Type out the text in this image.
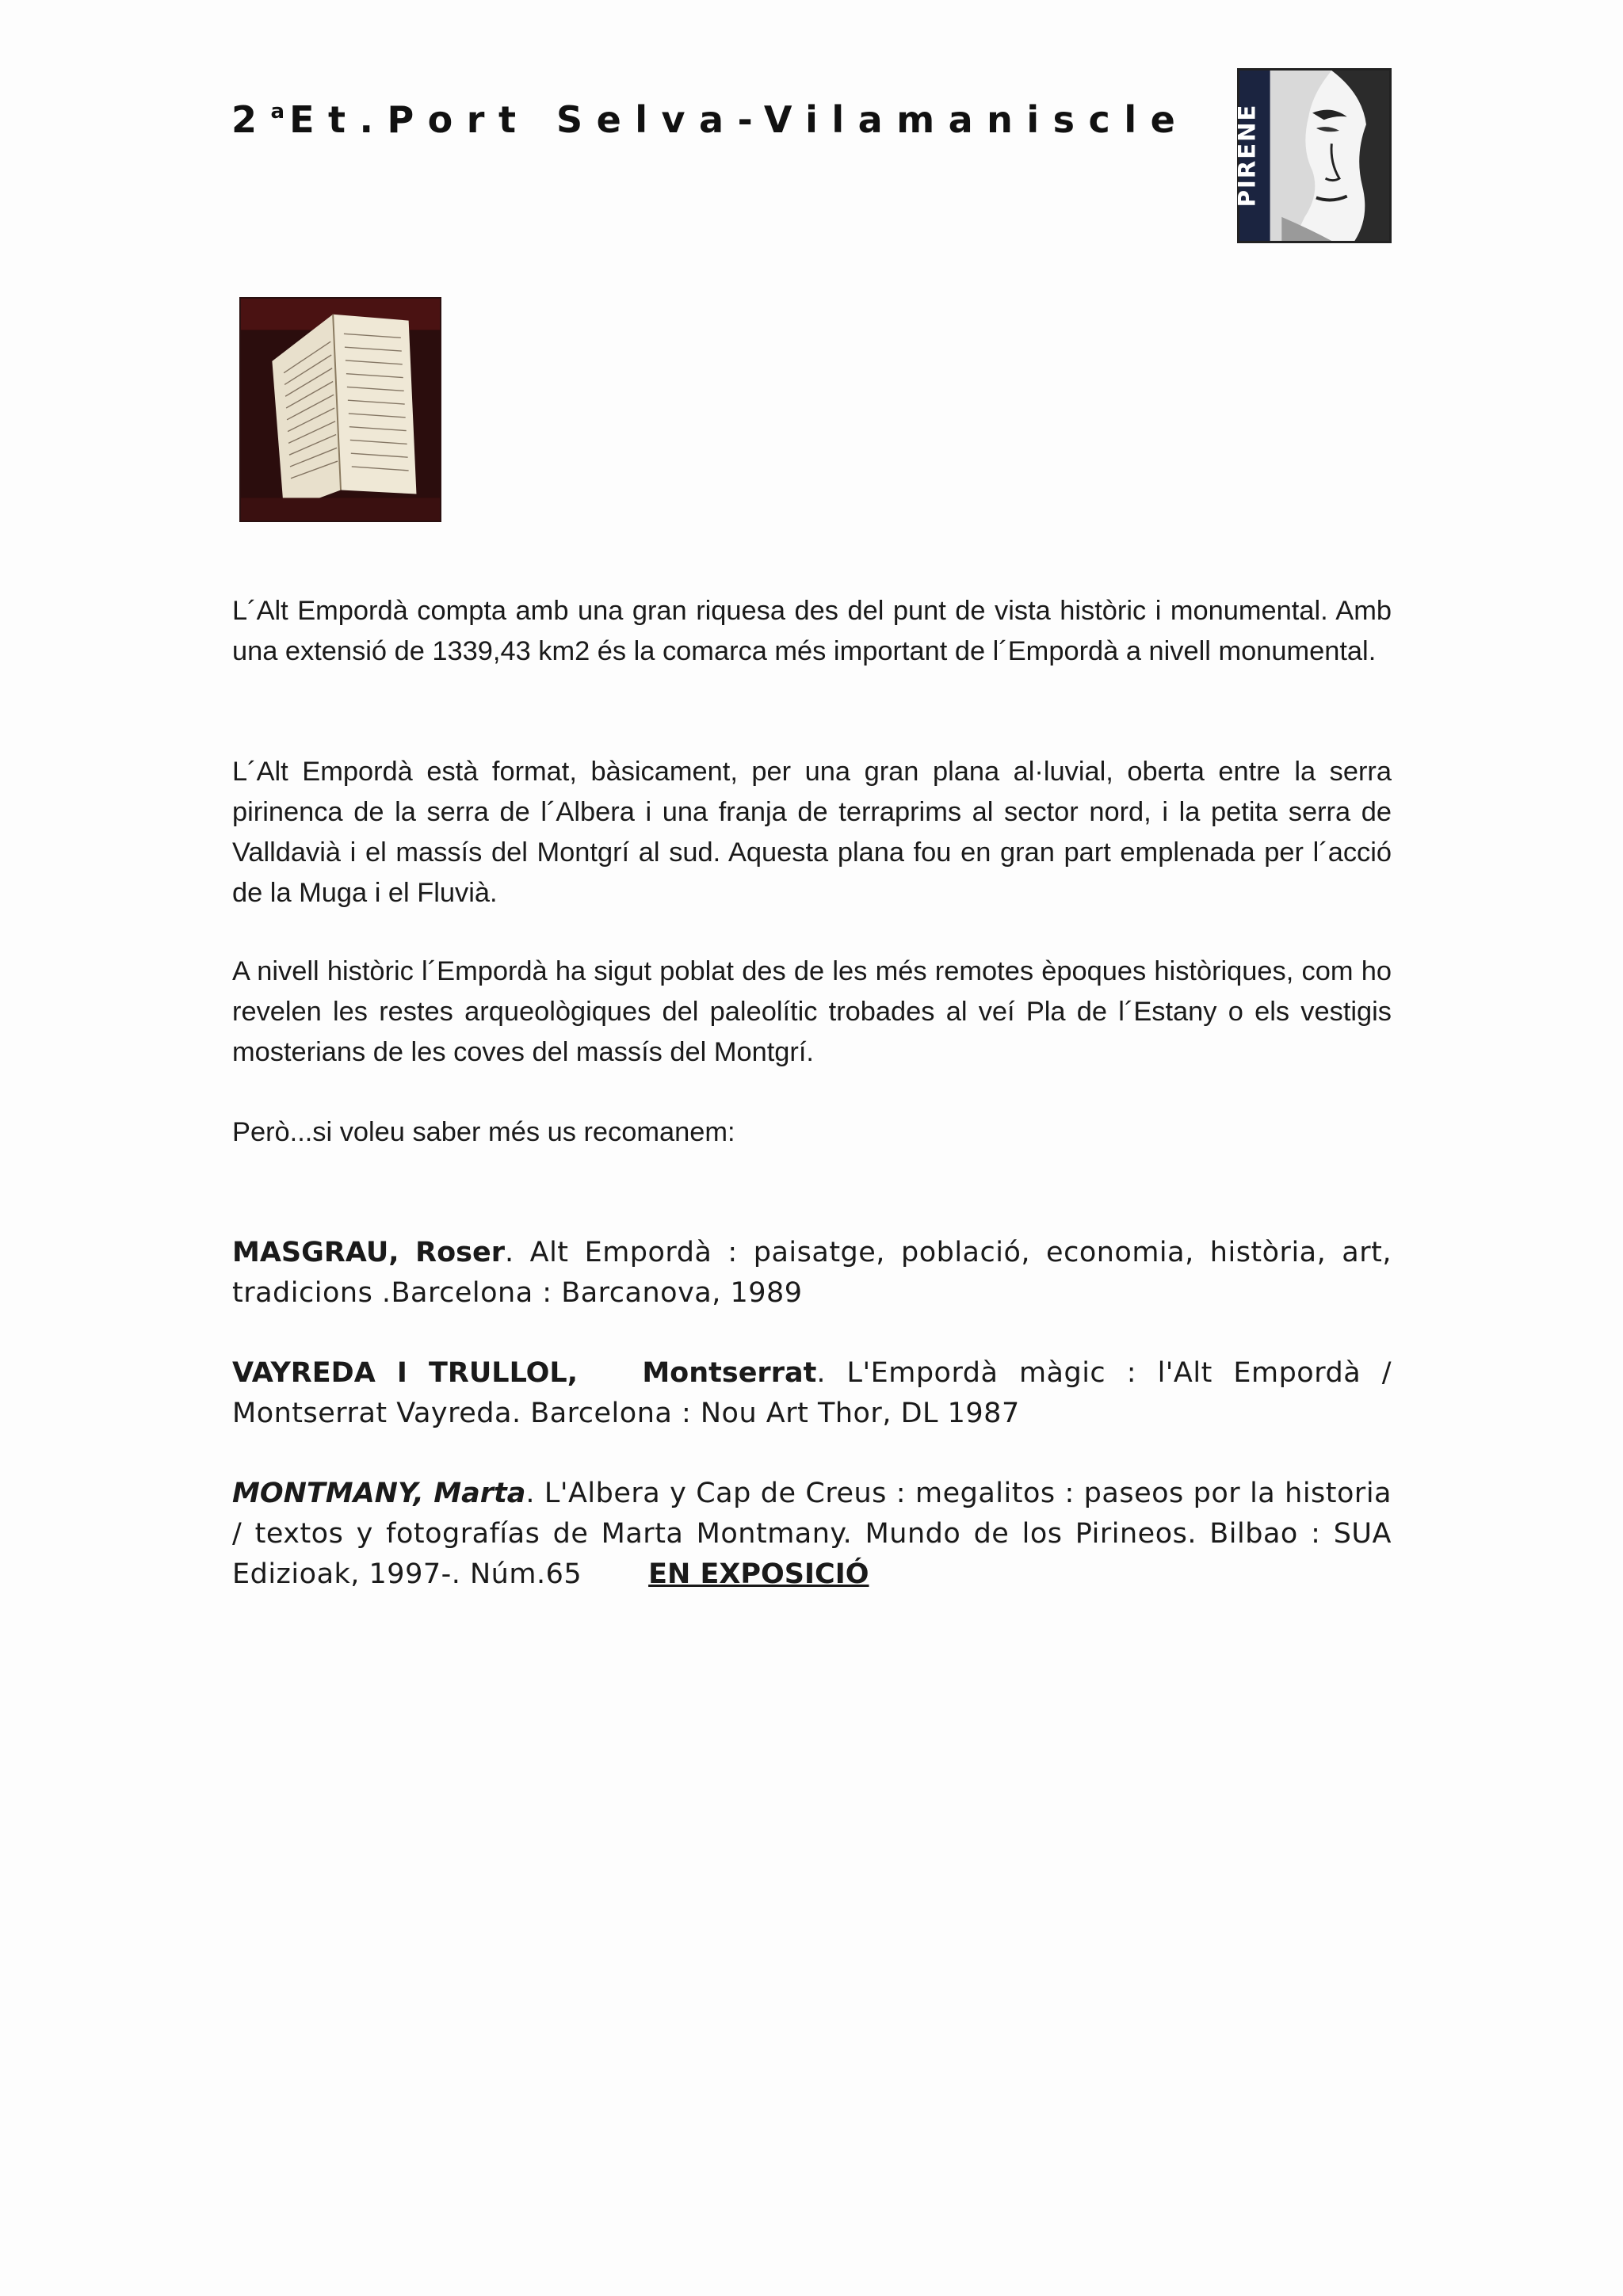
2$^a$ Et.Port Selva-Vilamaniscle PIRENE

L´Alt Empordà compta amb una gran riquesa des del punt de vista històric i monumental. Amb una extensió de 1339,43 km2 és la comarca més important de l´Empordà a nivell monumental.

L´Alt Empordà està format, bàsicament, per una gran plana al·luvial, oberta entre la serra pirinenca de la serra de l´Albera i una franja de terraprims al sector nord, i la petita serra de Valldavià i el massís del Montgrí al sud. Aquesta plana fou en gran part emplenada per l´acció de la Muga i el Fluvià.

A nivell històric l´Empordà ha sigut poblat des de les més remotes èpoques històriques, com ho revelen les restes arqueològiques del paleolític trobades al veí Pla de l´Estany o els vestigis mosterians de les coves del massís del Montgrí.

Però...si voleu saber més us recomanem:

MASGRAU, Roser. Alt Empordà : paisatge, població, economia, història, art, tradicions .Barcelona : Barcanova, 1989

VAYREDA I TRULLOL,   Montserrat. L'Empordà màgic : l'Alt Empordà / Montserrat Vayreda. Barcelona : Nou Art Thor, DL 1987

MONTMANY, Marta. L'Albera y Cap de Creus : megalitos : paseos por la historia / textos y fotografías de Marta Montmany. Mundo de los Pirineos. Bilbao : SUA Edizioak, 1997-. Núm.65 EN EXPOSICIÓ
